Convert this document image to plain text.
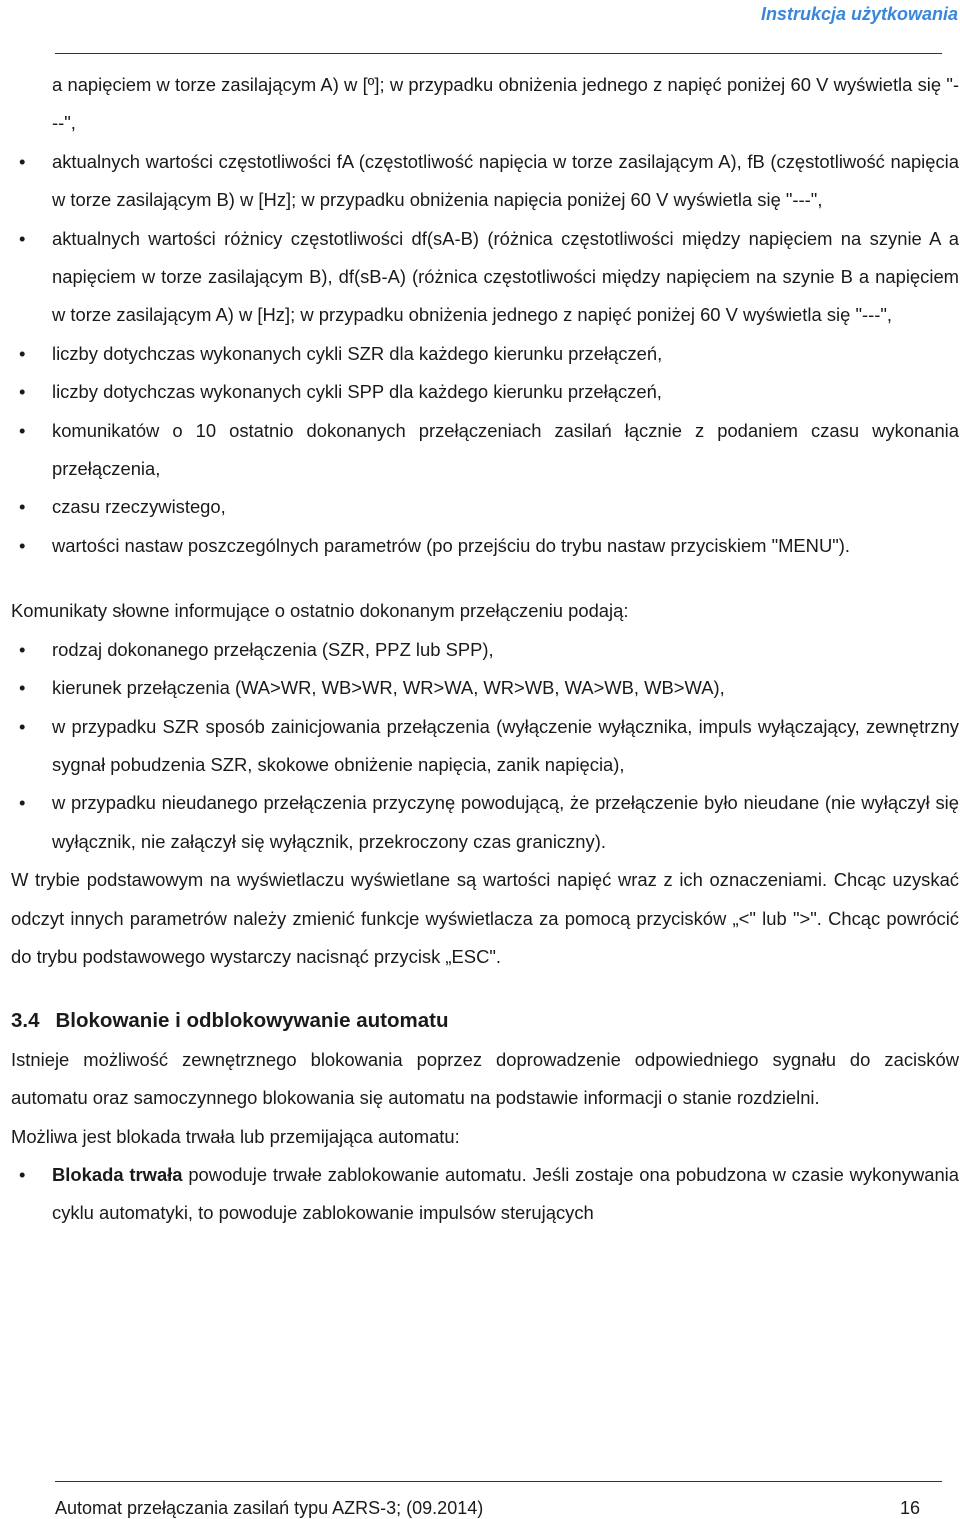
Instrukcja użytkowania

a napięciem w torze zasilającym A) w [º]; w przypadku obniżenia jednego z napięć poniżej 60 V wyświetla się "---",

• aktualnych wartości częstotliwości fA (częstotliwość napięcia w torze zasilającym A), fB (częstotliwość napięcia w torze zasilającym B) w [Hz]; w przypadku obniżenia napięcia poniżej 60 V wyświetla się "---",
• aktualnych wartości różnicy częstotliwości df(sA-B) (różnica częstotliwości między napięciem na szynie A a napięciem w torze zasilającym B), df(sB-A) (różnica częstotliwości między napięciem na szynie B a napięciem w torze zasilającym A) w [Hz]; w przypadku obniżenia jednego z napięć poniżej 60 V wyświetla się "---",
• liczby dotychczas wykonanych cykli SZR dla każdego kierunku przełączeń,
• liczby dotychczas wykonanych cykli SPP dla każdego kierunku przełączeń,
• komunikatów o 10 ostatnio dokonanych przełączeniach zasilań łącznie z podaniem czasu wykonania przełączenia,
• czasu rzeczywistego,
• wartości nastaw poszczególnych parametrów (po przejściu do trybu nastaw przyciskiem "MENU").

Komunikaty słowne informujące o ostatnio dokonanym przełączeniu podają:

• rodzaj dokonanego przełączenia (SZR, PPZ lub SPP),
• kierunek przełączenia (WA>WR, WB>WR, WR>WA, WR>WB, WA>WB, WB>WA),
• w przypadku SZR sposób zainicjowania przełączenia (wyłączenie wyłącznika, impuls wyłączający, zewnętrzny sygnał pobudzenia SZR, skokowe obniżenie napięcia, zanik napięcia),
• w przypadku nieudanego przełączenia przyczynę powodującą, że przełączenie było nieudane (nie wyłączył się wyłącznik, nie załączył się wyłącznik, przekroczony czas graniczny).

W trybie podstawowym na wyświetlaczu wyświetlane są wartości napięć wraz z ich oznaczeniami. Chcąc uzyskać odczyt innych parametrów należy zmienić funkcje wyświetlacza za pomocą przycisków „<" lub ">". Chcąc powrócić do trybu podstawowego wystarczy nacisnąć przycisk „ESC".

3.4 Blokowanie i odblokowywanie automatu

Istnieje możliwość zewnętrznego blokowania poprzez doprowadzenie odpowiedniego sygnału do zacisków automatu oraz samoczynnego blokowania się automatu na podstawie informacji o stanie rozdzielni.

Możliwa jest blokada trwała lub przemijająca automatu:

• Blokada trwała powoduje trwałe zablokowanie automatu. Jeśli zostaje ona pobudzona w czasie wykonywania cyklu automatyki, to powoduje zablokowanie impulsów sterujących
Automat przełączania zasilań typu AZRS-3; (09.2014)	16
